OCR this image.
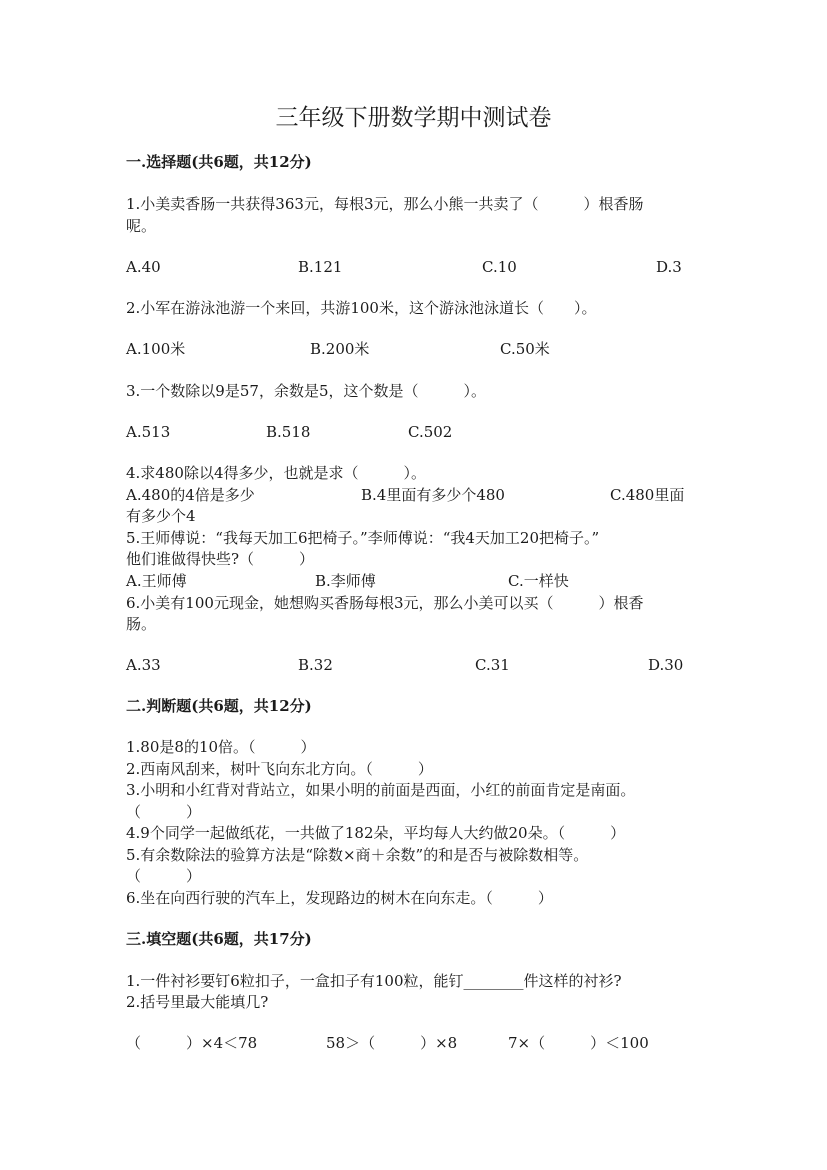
三年级下册数学期中测试卷
一.选择题(共6题，共12分)
1.小美卖香肠一共获得363元，每根3元，那么小熊一共卖了（　　　）根香肠
呢。
A.40	B.121	C.10	D.3
2.小军在游泳池游一个来回，共游100米，这个游泳池泳道长（　　）。
A.100米	B.200米	C.50米
3.一个数除以9是57，余数是5，这个数是（　　　）。
A.513	B.518	C.502
4.求480除以4得多少，也就是求（　　　）。
A.480的4倍是多少	B.4里面有多少个480	C.480里面
有多少个4
5.王师傅说：“我每天加工6把椅子。”李师傅说：“我4天加工20把椅子。”
他们谁做得快些?（　　　）
A.王师傅	B.李师傅	C.一样快
6.小美有100元现金，她想购买香肠每根3元，那么小美可以买（　　　）根香
肠。
A.33	B.32	C.31	D.30
二.判断题(共6题，共12分)
1.80是8的10倍。（　　　）
2.西南风刮来，树叶飞向东北方向。（　　　）
3.小明和小红背对背站立，如果小明的前面是西面，小红的前面肯定是南面。
（　　　）
4.9个同学一起做纸花，一共做了182朵，平均每人大约做20朵。（　　　）
5.有余数除法的验算方法是“除数×商＋余数”的和是否与被除数相等。
（　　　）
6.坐在向西行驶的汽车上，发现路边的树木在向东走。（　　　）
三.填空题(共6题，共17分)
1.一件衬衫要钉6粒扣子，一盒扣子有100粒，能钉________件这样的衬衫?
2.括号里最大能填几?
（　　　）×4＜78	58＞（　　　）×8	7×（　　　）＜100
